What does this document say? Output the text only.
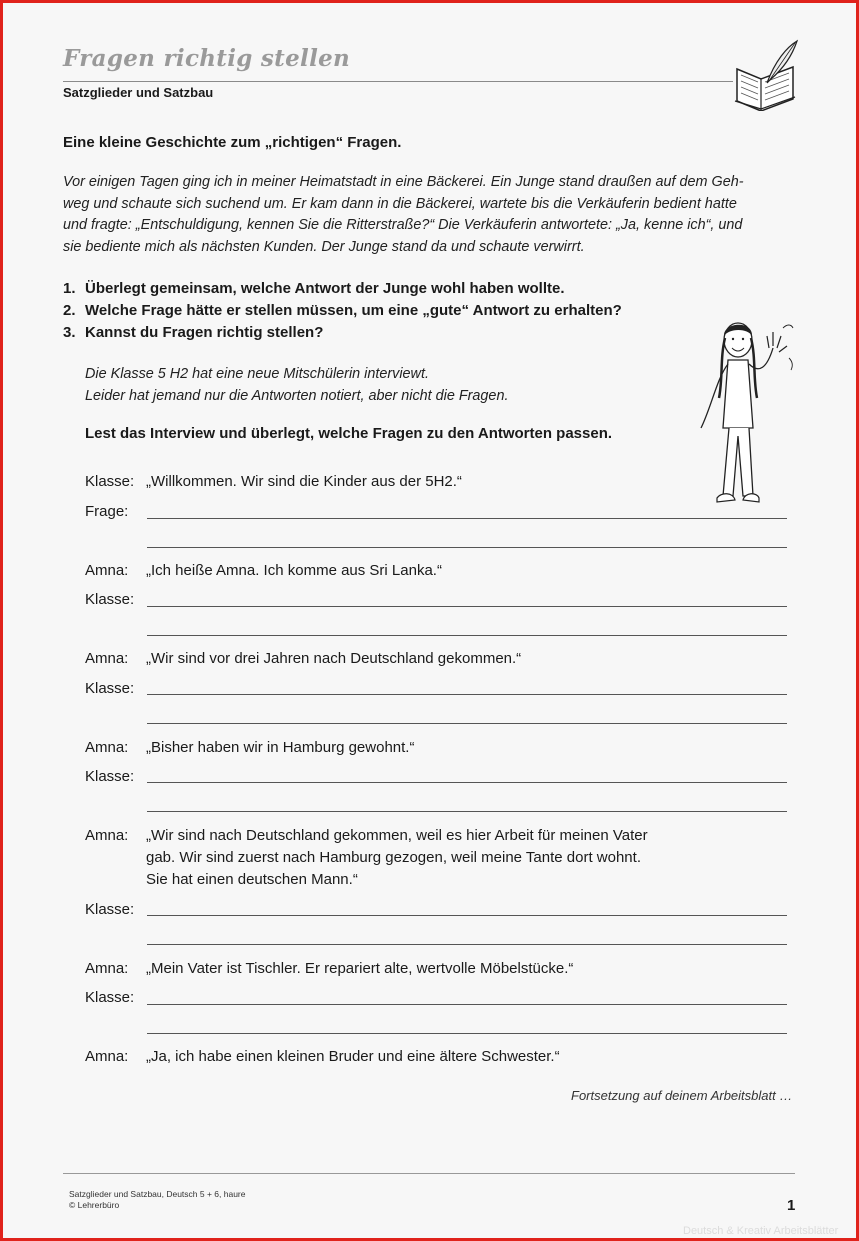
Fragen richtig stellen
Satzglieder und Satzbau
Eine kleine Geschichte zum „richtigen“ Fragen.
Vor einigen Tagen ging ich in meiner Heimatstadt in eine Bäckerei. Ein Junge stand draußen auf dem Geh-
weg und schaute sich suchend um. Er kam dann in die Bäckerei, wartete bis die Verkäuferin bedient hatte
und fragte: „Entschuldigung, kennen Sie die Ritterstraße?“ Die Verkäuferin antwortete: „Ja, kenne ich“, und
sie bediente mich als nächsten Kunden. Der Junge stand da und schaute verwirrt.
1. Überlegt gemeinsam, welche Antwort der Junge wohl haben wollte.
2. Welche Frage hätte er stellen müssen, um eine „gute“ Antwort zu erhalten?
3. Kannst du Fragen richtig stellen?
Die Klasse 5 H2 hat eine neue Mitschülerin interviewt.
Leider hat jemand nur die Antworten notiert, aber nicht die Fragen.
Lest das Interview und überlegt, welche Fragen zu den Antworten passen.
Klasse: „Willkommen. Wir sind die Kinder aus der 5H2.“
Frage:
Amna: „Ich heiße Amna. Ich komme aus Sri Lanka.“
Klasse:
Amna: „Wir sind vor drei Jahren nach Deutschland gekommen.“
Klasse:
Amna: „Bisher haben wir in Hamburg gewohnt.“
Klasse:
Amna: „Wir sind nach Deutschland gekommen, weil es hier Arbeit für meinen Vater
gab. Wir sind zuerst nach Hamburg gezogen, weil meine Tante dort wohnt.
Sie hat einen deutschen Mann.“
Klasse:
Amna: „Mein Vater ist Tischler. Er repariert alte, wertvolle Möbelstücke.“
Klasse:
Amna: „Ja, ich habe einen kleinen Bruder und eine ältere Schwester.“
Fortsetzung auf deinem Arbeitsblatt …
Satzglieder und Satzbau, Deutsch 5 + 6, haure
© Lehrerbüro	1
Deutsch & Kreativ Arbeitsblätter
